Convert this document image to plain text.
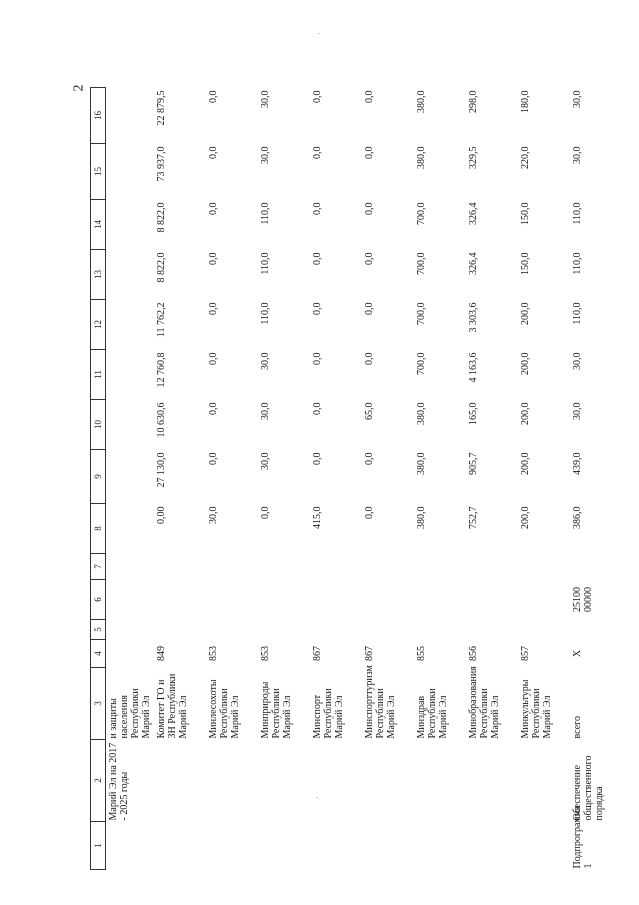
2
1	2	3	4	5	6	7	8	9	10	11	12	13	14	15	16
	Марий Эл на 2017 - 2025 годы	и защиты населения Республики Марий Эл													
		Комитет ГО и ЗН Республики Марий Эл	849				0,00	27 130,0	10 630,6	12 760,8	11 762,2	8 822,0	8 822,0	73 937,0	22 879,5
		Минлесохоты Республики Марий Эл	853				30,0	0,0	0,0	0,0	0,0	0,0	0,0	0,0	0,0
		Минприроды Республики Марий Эл	853				0,0	30,0	30,0	30,0	110,0	110,0	110,0	30,0	30,0
		Минспорт Республики Марий Эл	867				415,0	0,0	0,0	0,0	0,0	0,0	0,0	0,0	0,0
		Минспорттуризм Республики Марий Эл	867				0,0	0,0	65,0	0,0	0,0	0,0	0,0	0,0	0,0
		Минздрав Республики Марий Эл	855				380,0	380,0	380,0	700,0	700,0	700,0	700,0	380,0	380,0
		Минобразования Республики Марий Эл	856				752,7	905,7	165,0	4 163,6	3 303,6	326,4	326,4	329,5	298,0
		Минкультуры Республики Марий Эл	857				200,0	200,0	200,0	200,0	200,0	150,0	150,0	220,0	180,0
Подпрограмма 1	Обеспечение общественного порядка	всего	X		25100 00000		386,0	439,0	30,0	30,0	110,0	110,0	110,0	30,0	30,0
.
.
